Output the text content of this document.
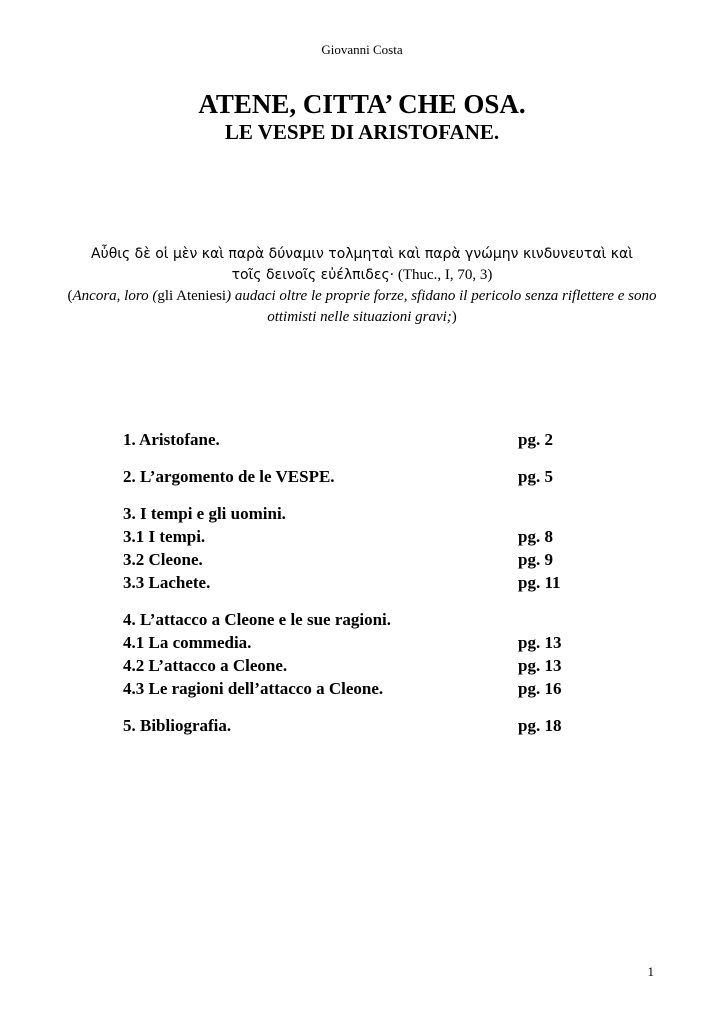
Giovanni Costa
ATENE, CITTA’ CHE OSA.
LE VESPE DI ARISTOFANE.
Αὖθις δὲ οἱ μὲν καὶ παρὰ δύναμιν τολμηταὶ καὶ παρὰ γνώμην κινδυνευταὶ καὶ
τοῖς δεινοῖς εὐέλπιδες· (Thuc., I, 70, 3)
(Ancora, loro (gli Ateniesi) audaci oltre le proprie forze, sfidano il pericolo senza riflettere e sono ottimisti nelle situazioni gravi;)
1. Aristofane.	pg. 2
2. L’argomento de le VESPE.	pg. 5
3. I tempi e gli uomini.
3.1 I tempi.	pg. 8
3.2 Cleone.	pg. 9
3.3 Lachete.	pg. 11
4. L’attacco a Cleone e le sue ragioni.
4.1 La commedia.	pg. 13
4.2 L’attacco a Cleone.	pg. 13
4.3 Le ragioni dell’attacco a Cleone.	pg. 16
5. Bibliografia.	pg. 18
1
